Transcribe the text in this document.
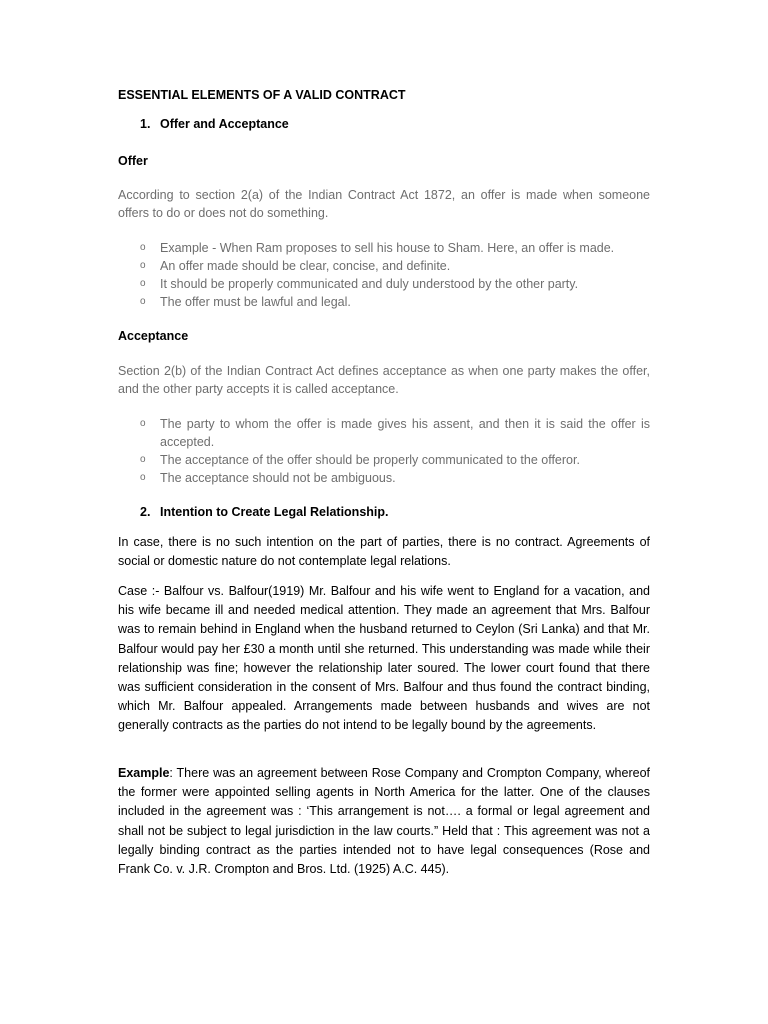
ESSENTIAL ELEMENTS OF A VALID CONTRACT
1. Offer and Acceptance
Offer
According to section 2(a) of the Indian Contract Act 1872, an offer is made when someone offers to do or does not do something.
o Example - When Ram proposes to sell his house to Sham. Here, an offer is made.
o An offer made should be clear, concise, and definite.
o It should be properly communicated and duly understood by the other party.
o The offer must be lawful and legal.
Acceptance
Section 2(b) of the Indian Contract Act defines acceptance as when one party makes the offer, and the other party accepts it is called acceptance.
o The party to whom the offer is made gives his assent, and then it is said the offer is accepted.
o The acceptance of the offer should be properly communicated to the offeror.
o The acceptance should not be ambiguous.
2. Intention to Create Legal Relationship.
In case, there is no such intention on the part of parties, there is no contract. Agreements of social or domestic nature do not contemplate legal relations.
Case :- Balfour vs. Balfour(1919) Mr. Balfour and his wife went to England for a vacation, and his wife became ill and needed medical attention. They made an agreement that Mrs. Balfour was to remain behind in England when the husband returned to Ceylon (Sri Lanka) and that Mr. Balfour would pay her £30 a month until she returned. This understanding was made while their relationship was fine; however the relationship later soured. The lower court found that there was sufficient consideration in the consent of Mrs. Balfour and thus found the contract binding, which Mr. Balfour appealed. Arrangements made between husbands and wives are not generally contracts as the parties do not intend to be legally bound by the agreements.
Example: There was an agreement between Rose Company and Crompton Company, whereof the former were appointed selling agents in North America for the latter. One of the clauses included in the agreement was : ‘This arrangement is not…. a formal or legal agreement and shall not be subject to legal jurisdiction in the law courts.” Held that : This agreement was not a legally binding contract as the parties intended not to have legal consequences (Rose and Frank Co. v. J.R. Crompton and Bros. Ltd. (1925) A.C. 445).
